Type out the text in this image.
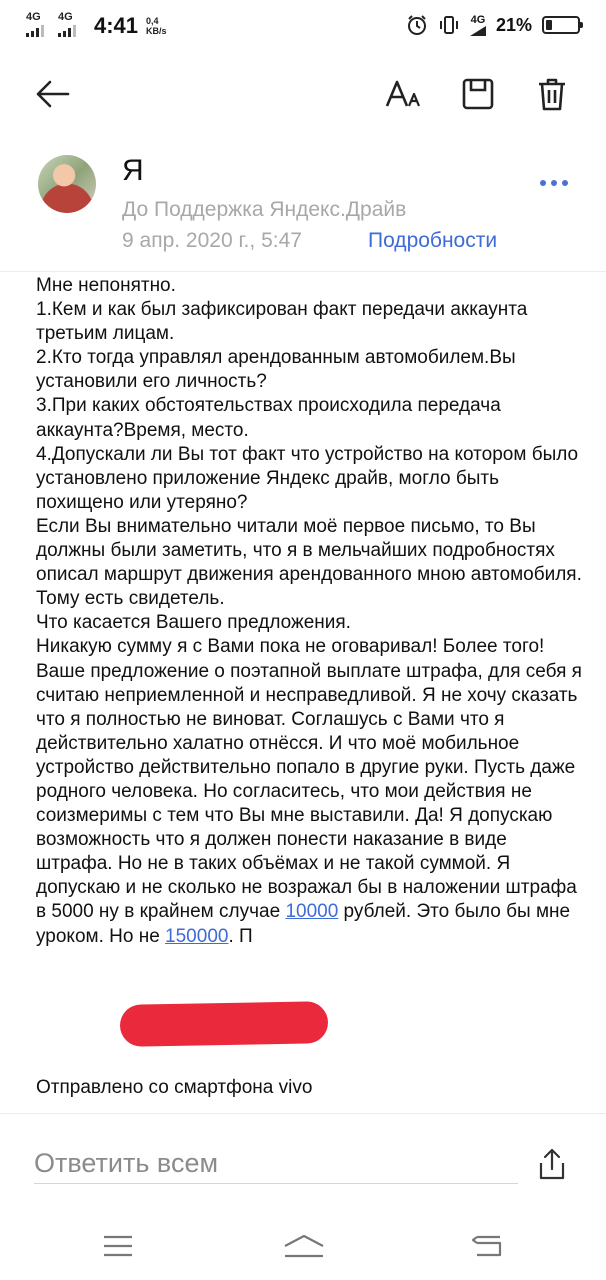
4G 4G 4:41 0,4
KB/s
4G 21%
Я
До Поддержка Яндекс.Драйв
9 апр. 2020 г., 5:47	Подробности

Мне непонятно.

1.Кем и как был зафиксирован факт передачи аккаунта третьим лицам.

2.Кто тогда управлял арендованным автомобилем.Вы установили его личность?

3.При каких обстоятельствах происходила передача аккаунта?Время, место.

4.Допускали ли Вы тот факт что устройство на котором было установлено приложение Яндекс драйв, могло быть похищено или утеряно?

Если Вы внимательно читали моё первое письмо, то Вы должны были заметить, что я в мельчайших подробностях описал маршрут движения арендованного мною автомобиля. Тому есть свидетель.

Что касается Вашего предложения.

Никакую сумму я с Вами пока не оговаривал! Более того! Ваше предложение о поэтапной выплате штрафа, для себя я считаю неприемленной и несправедливой. Я не хочу сказать что я полностью не виноват. Соглашусь с Вами что я действительно халатно отнёсся. И что моё мобильное устройство действительно попало в другие руки. Пусть даже родного человека. Но согласитесь, что мои действия не соизмеримы с тем что Вы мне выставили. Да! Я допускаю возможность что я должен понести наказание в виде штрафа. Но не в таких объёмах и не такой суммой. Я допускаю и не сколько не возражал бы в наложении штрафа в 5000 ну в крайнем случае 10000 рублей. Это было бы мне уроком. Но не 150000. П

Отправлено со смартфона vivo
Ответить всем
